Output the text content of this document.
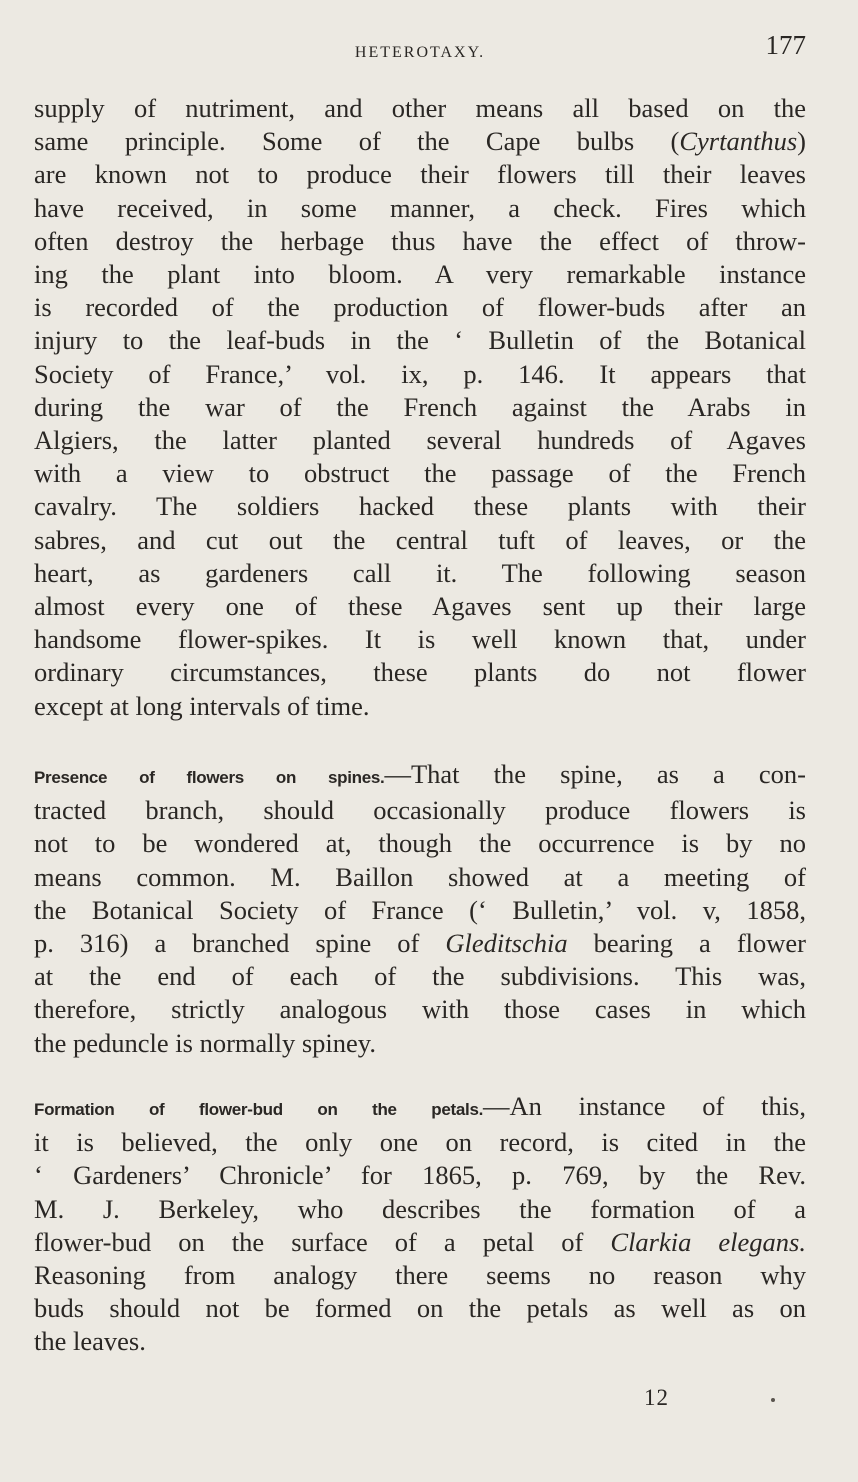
HETEROTAXY.	177

supply of nutriment, and other means all based on the
same principle. Some of the Cape bulbs (Cyrtanthus)
are known not to produce their flowers till their leaves
have received, in some manner, a check. Fires which
often destroy the herbage thus have the effect of throw-
ing the plant into bloom. A very remarkable instance
is recorded of the production of flower-buds after an
injury to the leaf-buds in the ‘ Bulletin of the Botanical
Society of France,’ vol. ix, p. 146. It appears that
during the war of the French against the Arabs in
Algiers, the latter planted several hundreds of Agaves
with a view to obstruct the passage of the French
cavalry. The soldiers hacked these plants with their
sabres, and cut out the central tuft of leaves, or the
heart, as gardeners call it. The following season
almost every one of these Agaves sent up their large
handsome flower-spikes. It is well known that, under
ordinary circumstances, these plants do not flower
except at long intervals of time.

Presence of flowers on spines.—That the spine, as a con-
tracted branch, should occasionally produce flowers is
not to be wondered at, though the occurrence is by no
means common. M. Baillon showed at a meeting of
the Botanical Society of France (‘ Bulletin,’ vol. v, 1858,
p. 316) a branched spine of Gleditschia bearing a flower
at the end of each of the subdivisions. This was,
therefore, strictly analogous with those cases in which
the peduncle is normally spiney.

Formation of flower-bud on the petals.—An instance of this,
it is believed, the only one on record, is cited in the
‘ Gardeners’ Chronicle’ for 1865, p. 769, by the Rev.
M. J. Berkeley, who describes the formation of a
flower-bud on the surface of a petal of Clarkia elegans.
Reasoning from analogy there seems no reason why
buds should not be formed on the petals as well as on
the leaves.

12
